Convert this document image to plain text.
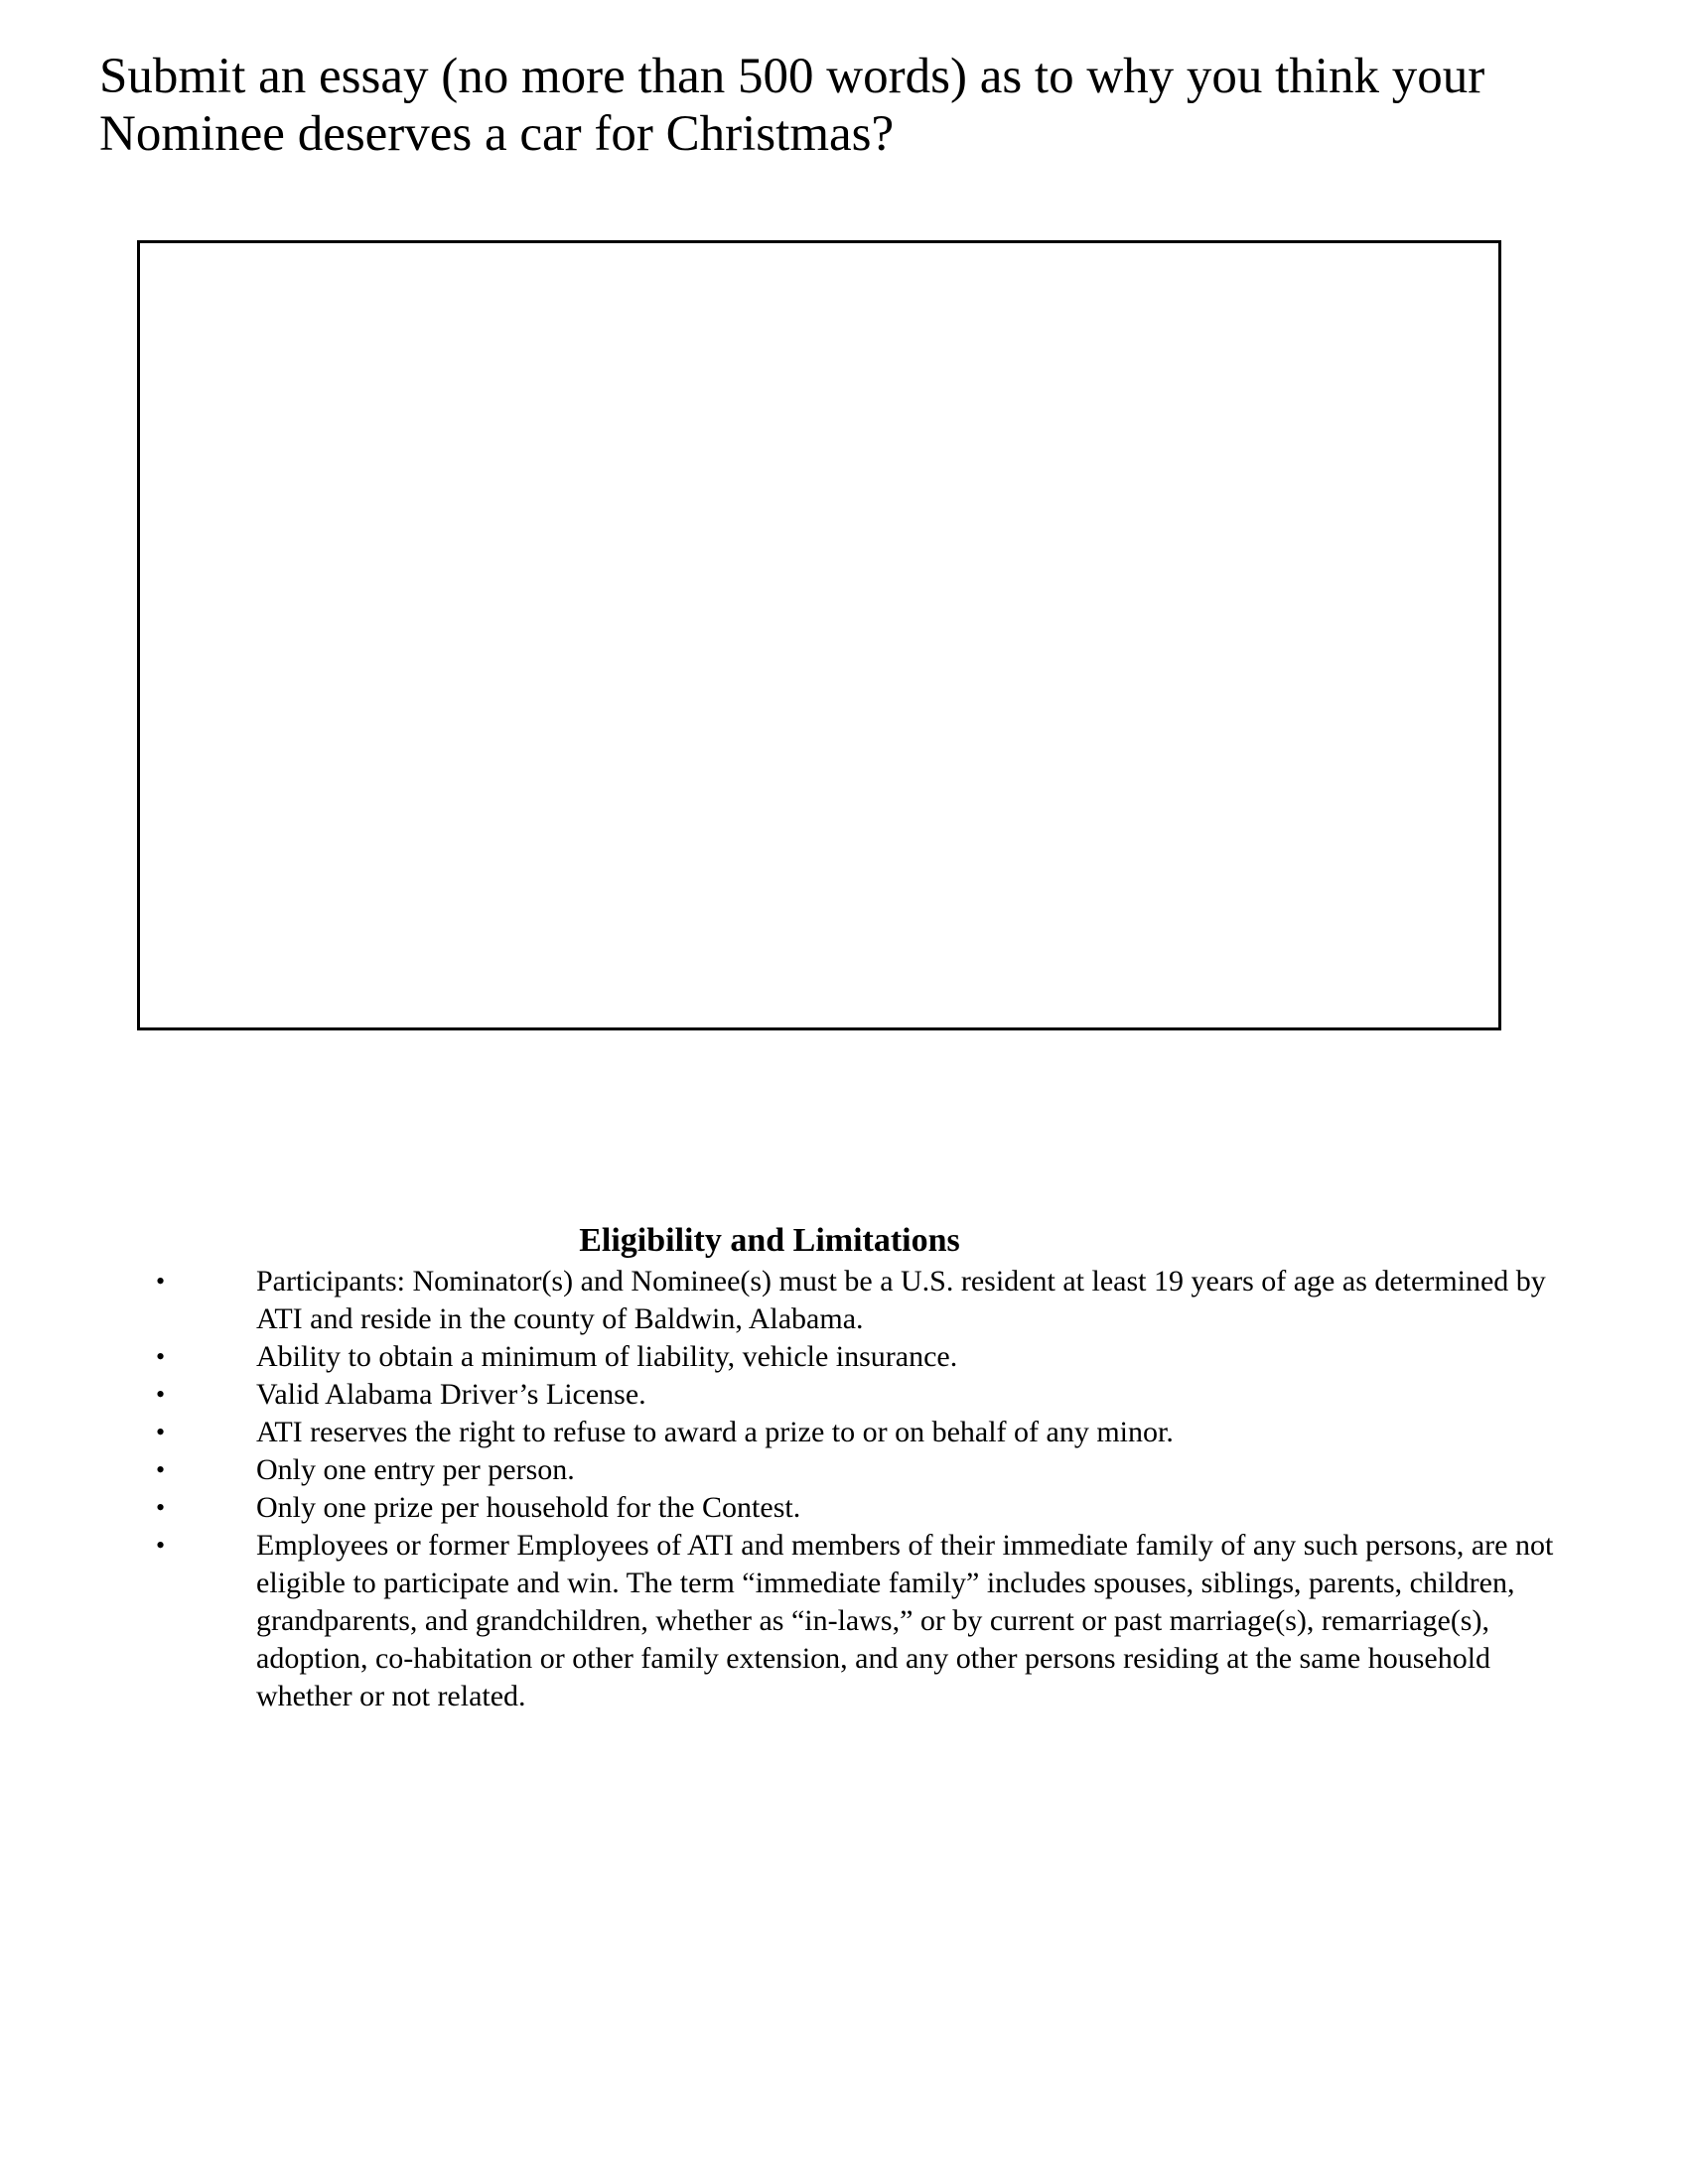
Submit an essay (no more than 500 words) as to why you think your
Nominee deserves a car for Christmas?
Eligibility and Limitations
•	Participants: Nominator(s) and Nominee(s) must be a U.S. resident at least 19 years of age as determined by ATI and reside in the county of Baldwin, Alabama.
•	Ability to obtain a minimum of liability, vehicle insurance.
•	Valid Alabama Driver’s License.
•	ATI reserves the right to refuse to award a prize to or on behalf of any minor.
•	Only one entry per person.
•	Only one prize per household for the Contest.
•	Employees or former Employees of ATI and members of their immediate family of any such persons, are not eligible to participate and win. The term “immediate family” includes spouses, siblings, parents, children, grandparents, and grandchildren, whether as “in-laws,” or by current or past marriage(s), remarriage(s), adoption, co-habitation or other family extension, and any other persons residing at the same household whether or not related.
